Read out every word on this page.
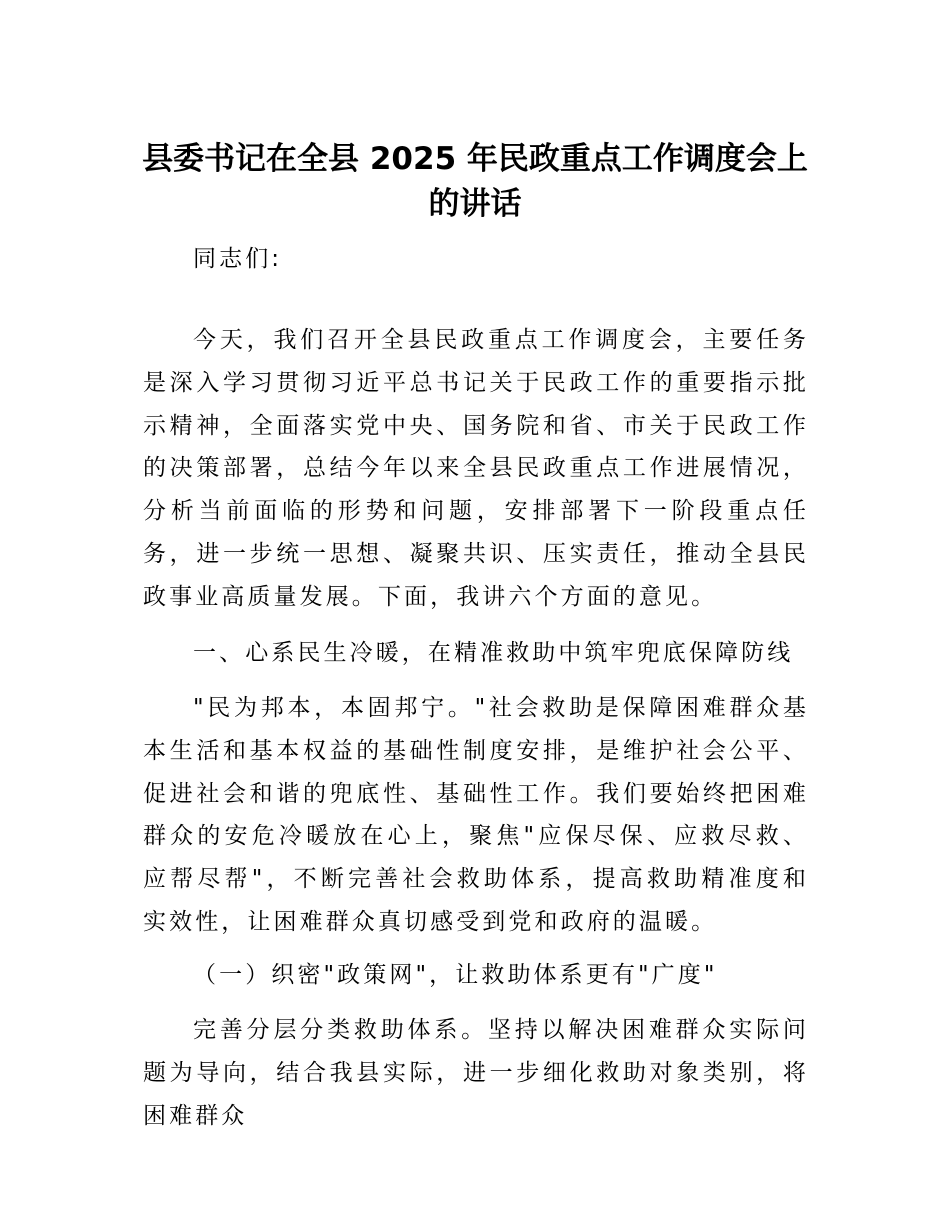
县委书记在全县 2025 年民政重点工作调度会上
的讲话

同志们:

今天，我们召开全县民政重点工作调度会，主要任务是深入学习贯彻习近平总书记关于民政工作的重要指示批示精神，全面落实党中央、国务院和省、市关于民政工作的决策部署，总结今年以来全县民政重点工作进展情况，分析当前面临的形势和问题，安排部署下一阶段重点任务，进一步统一思想、凝聚共识、压实责任，推动全县民政事业高质量发展。下面，我讲六个方面的意见。

一、心系民生冷暖，在精准救助中筑牢兜底保障防线

"民为邦本，本固邦宁。"社会救助是保障困难群众基本生活和基本权益的基础性制度安排，是维护社会公平、促进社会和谐的兜底性、基础性工作。我们要始终把困难群众的安危冷暖放在心上，聚焦"应保尽保、应救尽救、应帮尽帮"，不断完善社会救助体系，提高救助精准度和实效性，让困难群众真切感受到党和政府的温暖。

（一）织密"政策网"，让救助体系更有"广度"

完善分层分类救助体系。坚持以解决困难群众实际问题为导向，结合我县实际，进一步细化救助对象类别，将困难群众
